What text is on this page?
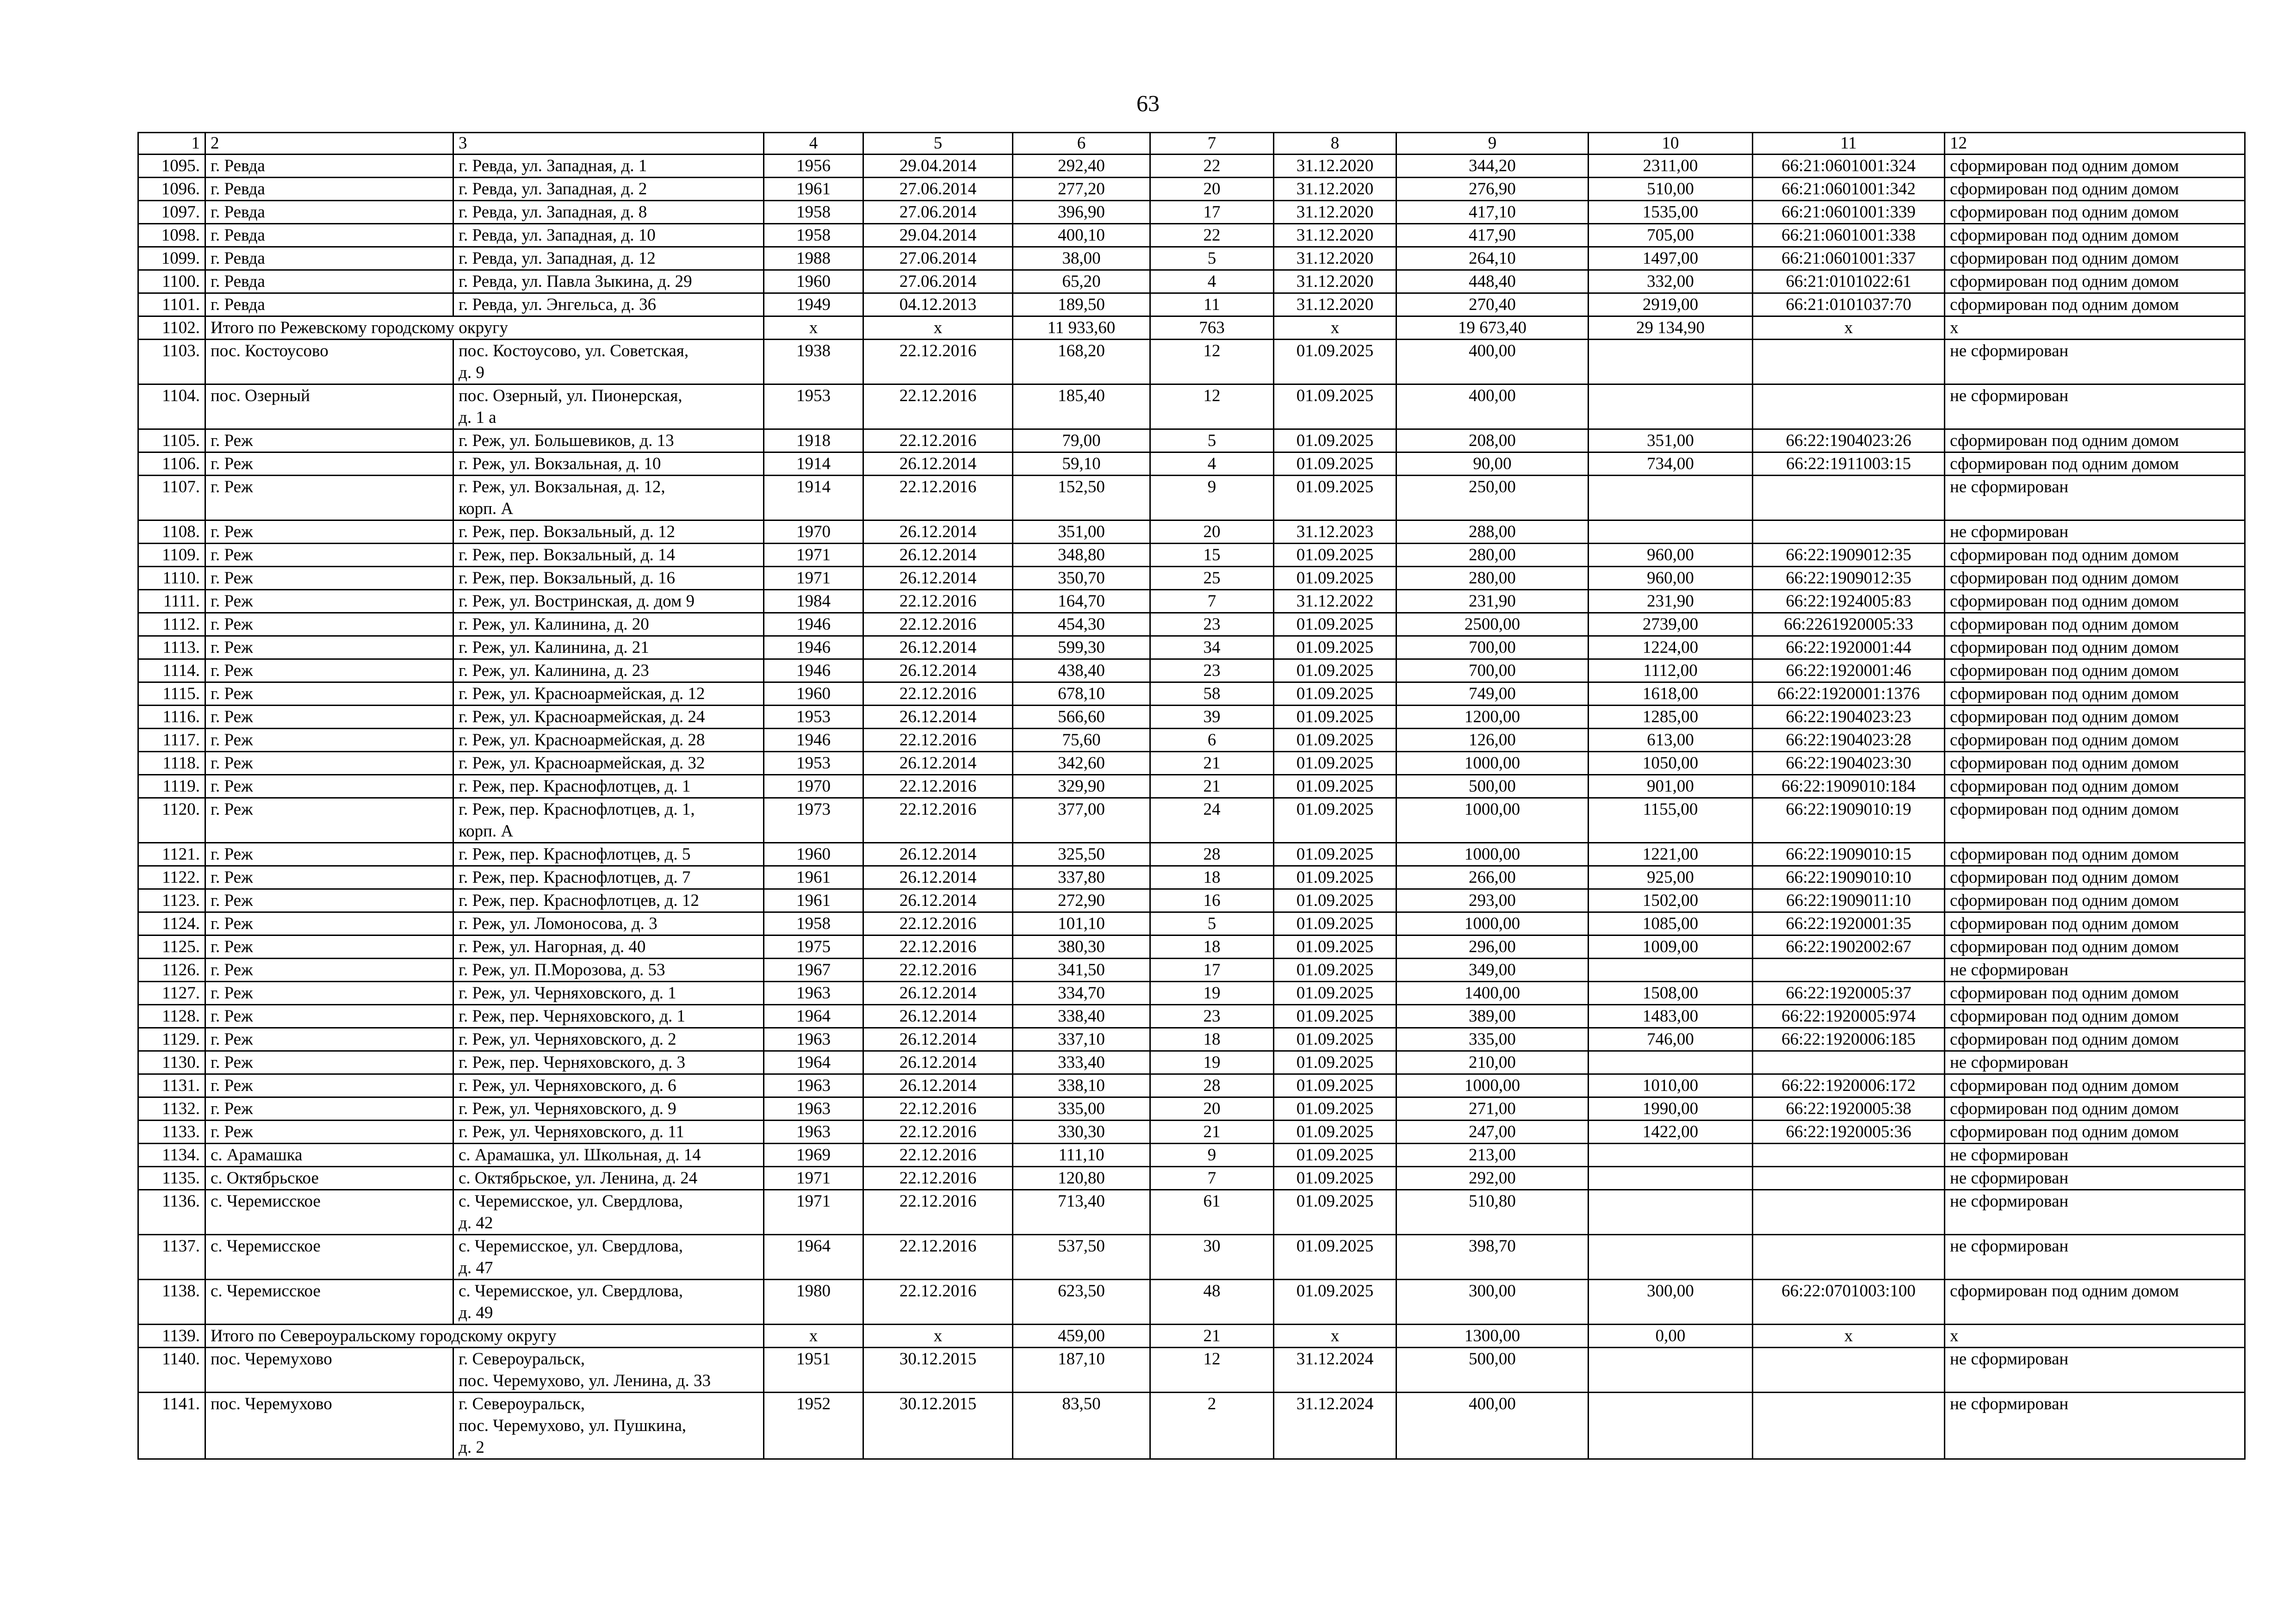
63
1	2	3	4	5	6	7	8	9	10	11	12
1095.	г. Ревда	г. Ревда, ул. Западная, д. 1	1956	29.04.2014	292,40	22	31.12.2020	344,20	2311,00	66:21:0601001:324	сформирован под одним домом
1096.	г. Ревда	г. Ревда, ул. Западная, д. 2	1961	27.06.2014	277,20	20	31.12.2020	276,90	510,00	66:21:0601001:342	сформирован под одним домом
1097.	г. Ревда	г. Ревда, ул. Западная, д. 8	1958	27.06.2014	396,90	17	31.12.2020	417,10	1535,00	66:21:0601001:339	сформирован под одним домом
1098.	г. Ревда	г. Ревда, ул. Западная, д. 10	1958	29.04.2014	400,10	22	31.12.2020	417,90	705,00	66:21:0601001:338	сформирован под одним домом
1099.	г. Ревда	г. Ревда, ул. Западная, д. 12	1988	27.06.2014	38,00	5	31.12.2020	264,10	1497,00	66:21:0601001:337	сформирован под одним домом
1100.	г. Ревда	г. Ревда, ул. Павла Зыкина, д. 29	1960	27.06.2014	65,20	4	31.12.2020	448,40	332,00	66:21:0101022:61	сформирован под одним домом
1101.	г. Ревда	г. Ревда, ул. Энгельса, д. 36	1949	04.12.2013	189,50	11	31.12.2020	270,40	2919,00	66:21:0101037:70	сформирован под одним домом
1102.	Итого по Режевскому городскому округу		x	x	11 933,60	763	x	19 673,40	29 134,90	x	x
1103.	пос. Костоусово	пос. Костоусово, ул. Советская,
д. 9	1938	22.12.2016	168,20	12	01.09.2025	400,00			не сформирован
1104.	пос. Озерный	пос. Озерный, ул. Пионерская,
д. 1 а	1953	22.12.2016	185,40	12	01.09.2025	400,00			не сформирован
1105.	г. Реж	г. Реж, ул. Большевиков, д. 13	1918	22.12.2016	79,00	5	01.09.2025	208,00	351,00	66:22:1904023:26	сформирован под одним домом
1106.	г. Реж	г. Реж, ул. Вокзальная, д. 10	1914	26.12.2014	59,10	4	01.09.2025	90,00	734,00	66:22:1911003:15	сформирован под одним домом
1107.	г. Реж	г. Реж, ул. Вокзальная, д. 12,
корп. А	1914	22.12.2016	152,50	9	01.09.2025	250,00			не сформирован
1108.	г. Реж	г. Реж, пер. Вокзальный, д. 12	1970	26.12.2014	351,00	20	31.12.2023	288,00			не сформирован
1109.	г. Реж	г. Реж, пер. Вокзальный, д. 14	1971	26.12.2014	348,80	15	01.09.2025	280,00	960,00	66:22:1909012:35	сформирован под одним домом
1110.	г. Реж	г. Реж, пер. Вокзальный, д. 16	1971	26.12.2014	350,70	25	01.09.2025	280,00	960,00	66:22:1909012:35	сформирован под одним домом
1111.	г. Реж	г. Реж, ул. Востринская, д. дом 9	1984	22.12.2016	164,70	7	31.12.2022	231,90	231,90	66:22:1924005:83	сформирован под одним домом
1112.	г. Реж	г. Реж, ул. Калинина, д. 20	1946	22.12.2016	454,30	23	01.09.2025	2500,00	2739,00	66:2261920005:33	сформирован под одним домом
1113.	г. Реж	г. Реж, ул. Калинина, д. 21	1946	26.12.2014	599,30	34	01.09.2025	700,00	1224,00	66:22:1920001:44	сформирован под одним домом
1114.	г. Реж	г. Реж, ул. Калинина, д. 23	1946	26.12.2014	438,40	23	01.09.2025	700,00	1112,00	66:22:1920001:46	сформирован под одним домом
1115.	г. Реж	г. Реж, ул. Красноармейская, д. 12	1960	22.12.2016	678,10	58	01.09.2025	749,00	1618,00	66:22:1920001:1376	сформирован под одним домом
1116.	г. Реж	г. Реж, ул. Красноармейская, д. 24	1953	26.12.2014	566,60	39	01.09.2025	1200,00	1285,00	66:22:1904023:23	сформирован под одним домом
1117.	г. Реж	г. Реж, ул. Красноармейская, д. 28	1946	22.12.2016	75,60	6	01.09.2025	126,00	613,00	66:22:1904023:28	сформирован под одним домом
1118.	г. Реж	г. Реж, ул. Красноармейская, д. 32	1953	26.12.2014	342,60	21	01.09.2025	1000,00	1050,00	66:22:1904023:30	сформирован под одним домом
1119.	г. Реж	г. Реж, пер. Краснофлотцев, д. 1	1970	22.12.2016	329,90	21	01.09.2025	500,00	901,00	66:22:1909010:184	сформирован под одним домом
1120.	г. Реж	г. Реж, пер. Краснофлотцев, д. 1,
корп. А	1973	22.12.2016	377,00	24	01.09.2025	1000,00	1155,00	66:22:1909010:19	сформирован под одним домом
1121.	г. Реж	г. Реж, пер. Краснофлотцев, д. 5	1960	26.12.2014	325,50	28	01.09.2025	1000,00	1221,00	66:22:1909010:15	сформирован под одним домом
1122.	г. Реж	г. Реж, пер. Краснофлотцев, д. 7	1961	26.12.2014	337,80	18	01.09.2025	266,00	925,00	66:22:1909010:10	сформирован под одним домом
1123.	г. Реж	г. Реж, пер. Краснофлотцев, д. 12	1961	26.12.2014	272,90	16	01.09.2025	293,00	1502,00	66:22:1909011:10	сформирован под одним домом
1124.	г. Реж	г. Реж, ул. Ломоносова, д. 3	1958	22.12.2016	101,10	5	01.09.2025	1000,00	1085,00	66:22:1920001:35	сформирован под одним домом
1125.	г. Реж	г. Реж, ул. Нагорная, д. 40	1975	22.12.2016	380,30	18	01.09.2025	296,00	1009,00	66:22:1902002:67	сформирован под одним домом
1126.	г. Реж	г. Реж, ул. П.Морозова, д. 53	1967	22.12.2016	341,50	17	01.09.2025	349,00			не сформирован
1127.	г. Реж	г. Реж, ул. Черняховского, д. 1	1963	26.12.2014	334,70	19	01.09.2025	1400,00	1508,00	66:22:1920005:37	сформирован под одним домом
1128.	г. Реж	г. Реж, пер. Черняховского, д. 1	1964	26.12.2014	338,40	23	01.09.2025	389,00	1483,00	66:22:1920005:974	сформирован под одним домом
1129.	г. Реж	г. Реж, ул. Черняховского, д. 2	1963	26.12.2014	337,10	18	01.09.2025	335,00	746,00	66:22:1920006:185	сформирован под одним домом
1130.	г. Реж	г. Реж, пер. Черняховского, д. 3	1964	26.12.2014	333,40	19	01.09.2025	210,00			не сформирован
1131.	г. Реж	г. Реж, ул. Черняховского, д. 6	1963	26.12.2014	338,10	28	01.09.2025	1000,00	1010,00	66:22:1920006:172	сформирован под одним домом
1132.	г. Реж	г. Реж, ул. Черняховского, д. 9	1963	22.12.2016	335,00	20	01.09.2025	271,00	1990,00	66:22:1920005:38	сформирован под одним домом
1133.	г. Реж	г. Реж, ул. Черняховского, д. 11	1963	22.12.2016	330,30	21	01.09.2025	247,00	1422,00	66:22:1920005:36	сформирован под одним домом
1134.	с. Арамашка	с. Арамашка, ул. Школьная, д. 14	1969	22.12.2016	111,10	9	01.09.2025	213,00			не сформирован
1135.	с. Октябрьское	с. Октябрьское, ул. Ленина, д. 24	1971	22.12.2016	120,80	7	01.09.2025	292,00			не сформирован
1136.	с. Черемисское	с. Черемисское, ул. Свердлова,
д. 42	1971	22.12.2016	713,40	61	01.09.2025	510,80			не сформирован
1137.	с. Черемисское	с. Черемисское, ул. Свердлова,
д. 47	1964	22.12.2016	537,50	30	01.09.2025	398,70			не сформирован
1138.	с. Черемисское	с. Черемисское, ул. Свердлова,
д. 49	1980	22.12.2016	623,50	48	01.09.2025	300,00	300,00	66:22:0701003:100	сформирован под одним домом
1139.	Итого по Североуральскому городскому округу		x	x	459,00	21	x	1300,00	0,00	x	x
1140.	пос. Черемухово	г. Североуральск,
пос. Черемухово, ул. Ленина, д. 33	1951	30.12.2015	187,10	12	31.12.2024	500,00			не сформирован
1141.	пос. Черемухово	г. Североуральск,
пос. Черемухово, ул. Пушкина,
д. 2	1952	30.12.2015	83,50	2	31.12.2024	400,00			не сформирован
